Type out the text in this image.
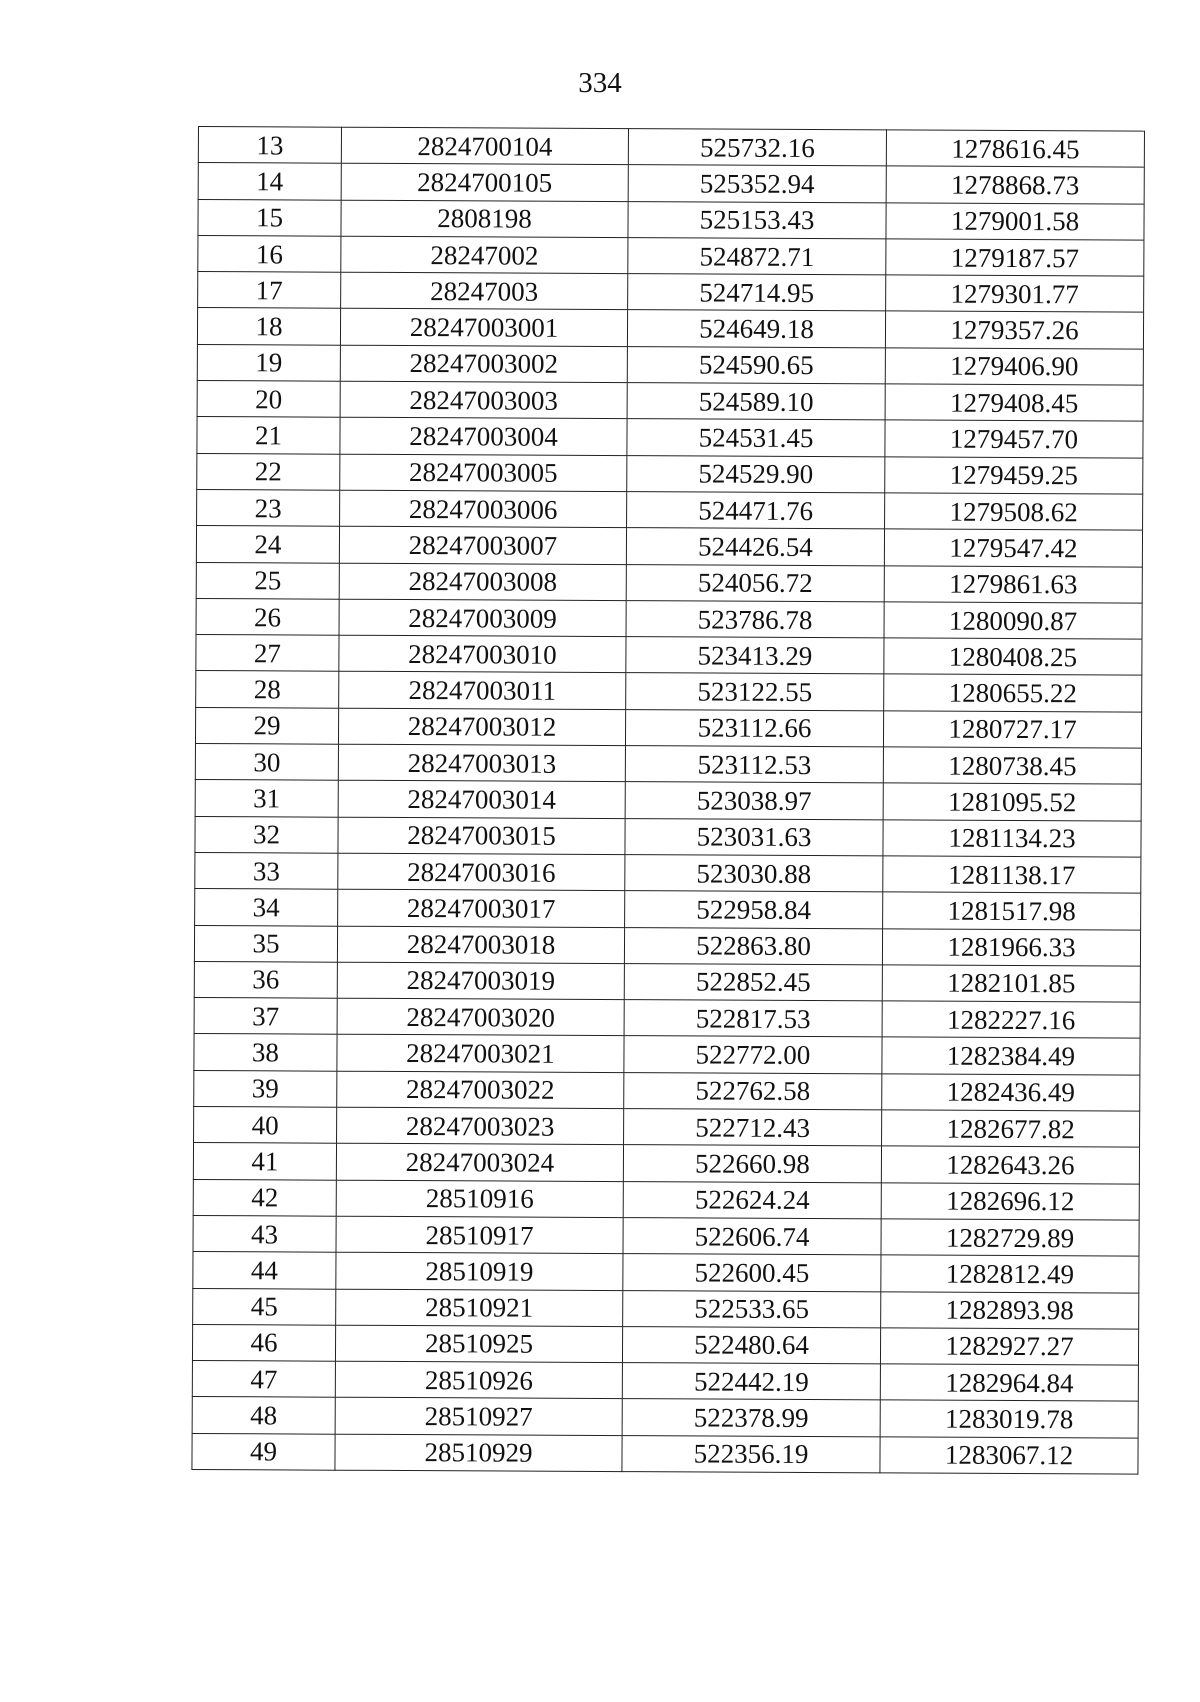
334
13	2824700104	525732.16	1278616.45
14	2824700105	525352.94	1278868.73
15	2808198	525153.43	1279001.58
16	28247002	524872.71	1279187.57
17	28247003	524714.95	1279301.77
18	28247003001	524649.18	1279357.26
19	28247003002	524590.65	1279406.90
20	28247003003	524589.10	1279408.45
21	28247003004	524531.45	1279457.70
22	28247003005	524529.90	1279459.25
23	28247003006	524471.76	1279508.62
24	28247003007	524426.54	1279547.42
25	28247003008	524056.72	1279861.63
26	28247003009	523786.78	1280090.87
27	28247003010	523413.29	1280408.25
28	28247003011	523122.55	1280655.22
29	28247003012	523112.66	1280727.17
30	28247003013	523112.53	1280738.45
31	28247003014	523038.97	1281095.52
32	28247003015	523031.63	1281134.23
33	28247003016	523030.88	1281138.17
34	28247003017	522958.84	1281517.98
35	28247003018	522863.80	1281966.33
36	28247003019	522852.45	1282101.85
37	28247003020	522817.53	1282227.16
38	28247003021	522772.00	1282384.49
39	28247003022	522762.58	1282436.49
40	28247003023	522712.43	1282677.82
41	28247003024	522660.98	1282643.26
42	28510916	522624.24	1282696.12
43	28510917	522606.74	1282729.89
44	28510919	522600.45	1282812.49
45	28510921	522533.65	1282893.98
46	28510925	522480.64	1282927.27
47	28510926	522442.19	1282964.84
48	28510927	522378.99	1283019.78
49	28510929	522356.19	1283067.12
